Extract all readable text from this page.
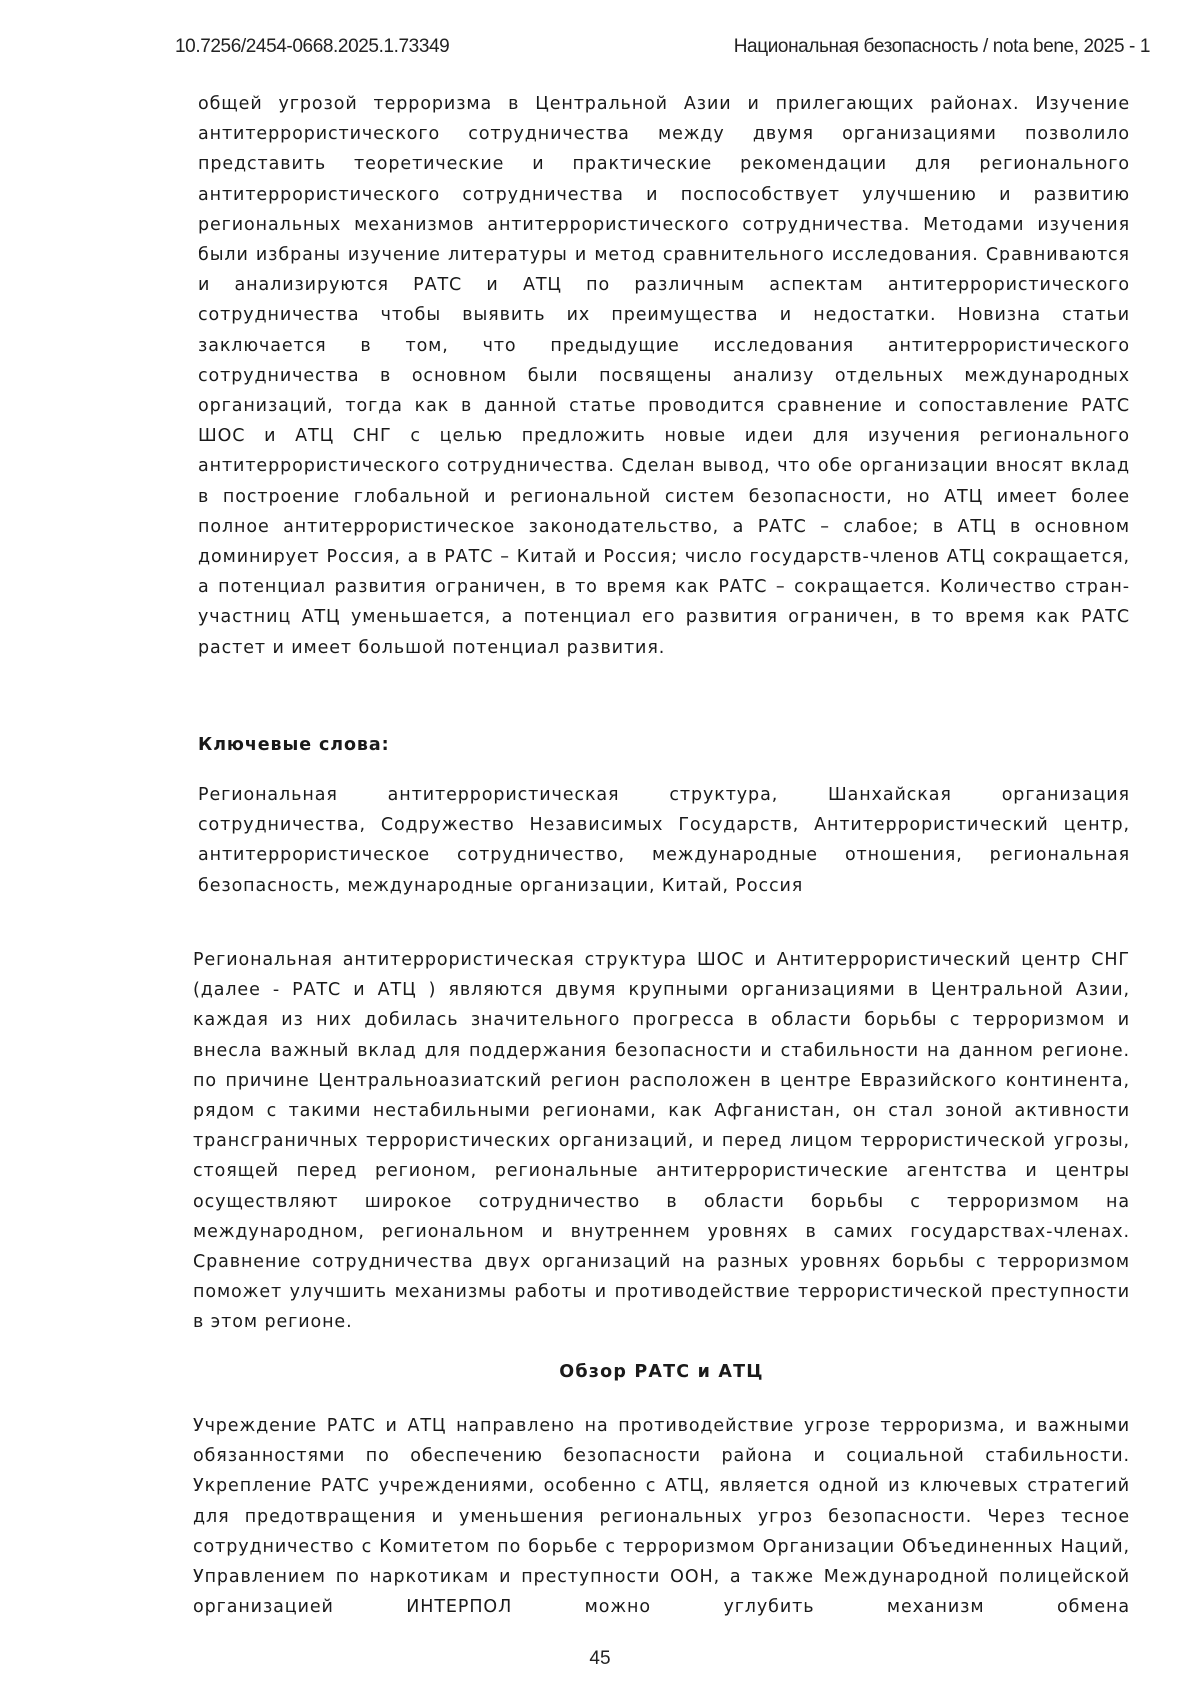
10.7256/2454-0668.2025.1.73349	Национальная безопасность / nota bene, 2025 - 1

общей угрозой терроризма в Центральной Азии и прилегающих районах. Изучение антитеррористического сотрудничества между двумя организациями позволило представить теоретические и практические рекомендации для регионального антитеррористического сотрудничества и поспособствует улучшению и развитию региональных механизмов антитеррористического сотрудничества. Методами изучения были избраны изучение литературы и метод сравнительного исследования. Сравниваются и анализируются РАТС и АТЦ по различным аспектам антитеррористического сотрудничества чтобы выявить их преимущества и недостатки. Новизна статьи заключается в том, что предыдущие исследования антитеррористического сотрудничества в основном были посвящены анализу отдельных международных организаций, тогда как в данной статье проводится сравнение и сопоставление РАТС ШОС и АТЦ СНГ с целью предложить новые идеи для изучения регионального антитеррористического сотрудничества. Сделан вывод, что обе организации вносят вклад в построение глобальной и региональной систем безопасности, но АТЦ имеет более полное антитеррористическое законодательство, а РАТС – слабое; в АТЦ в основном доминирует Россия, а в РАТС – Китай и Россия; число государств-членов АТЦ сокращается, а потенциал развития ограничен, в то время как РАТС – сокращается. Количество стран-участниц АТЦ уменьшается, а потенциал его развития ограничен, в то время как РАТС растет и имеет большой потенциал развития.

Ключевые слова:

Региональная антитеррористическая структура, Шанхайская организация сотрудничества, Содружество Независимых Государств, Антитеррористический центр, антитеррористическое сотрудничество, международные отношения, региональная безопасность, международные организации, Китай, Россия

Региональная антитеррористическая структура ШОС и Антитеррористический центр СНГ (далее - РАТС и АТЦ ) являются двумя крупными организациями в Центральной Азии, каждая из них добилась значительного прогресса в области борьбы с терроризмом и внесла важный вклад для поддержания безопасности и стабильности на данном регионе. по причине Центральноазиатский регион расположен в центре Евразийского континента, рядом с такими нестабильными регионами, как Афганистан, он стал зоной активности трансграничных террористических организаций, и перед лицом террористической угрозы, стоящей перед регионом, региональные антитеррористические агентства и центры осуществляют широкое сотрудничество в области борьбы с терроризмом на международном, региональном и внутреннем уровнях в самих государствах-членах. Сравнение сотрудничества двух организаций на разных уровнях борьбы с терроризмом поможет улучшить механизмы работы и противодействие террористической преступности в этом регионе.

Обзор РАТС и АТЦ

Учреждение РАТС и АТЦ направлено на противодействие угрозе терроризма, и важными обязанностями по обеспечению безопасности района и социальной стабильности. Укрепление РАТС учреждениями, особенно с АТЦ, является одной из ключевых стратегий для предотвращения и уменьшения региональных угроз безопасности. Через тесное сотрудничество с Комитетом по борьбе с терроризмом Организации Объединенных Наций, Управлением по наркотикам и преступности ООН, а также Международной полицейской организацией ИНТЕРПОЛ можно углубить механизм обмена

45
